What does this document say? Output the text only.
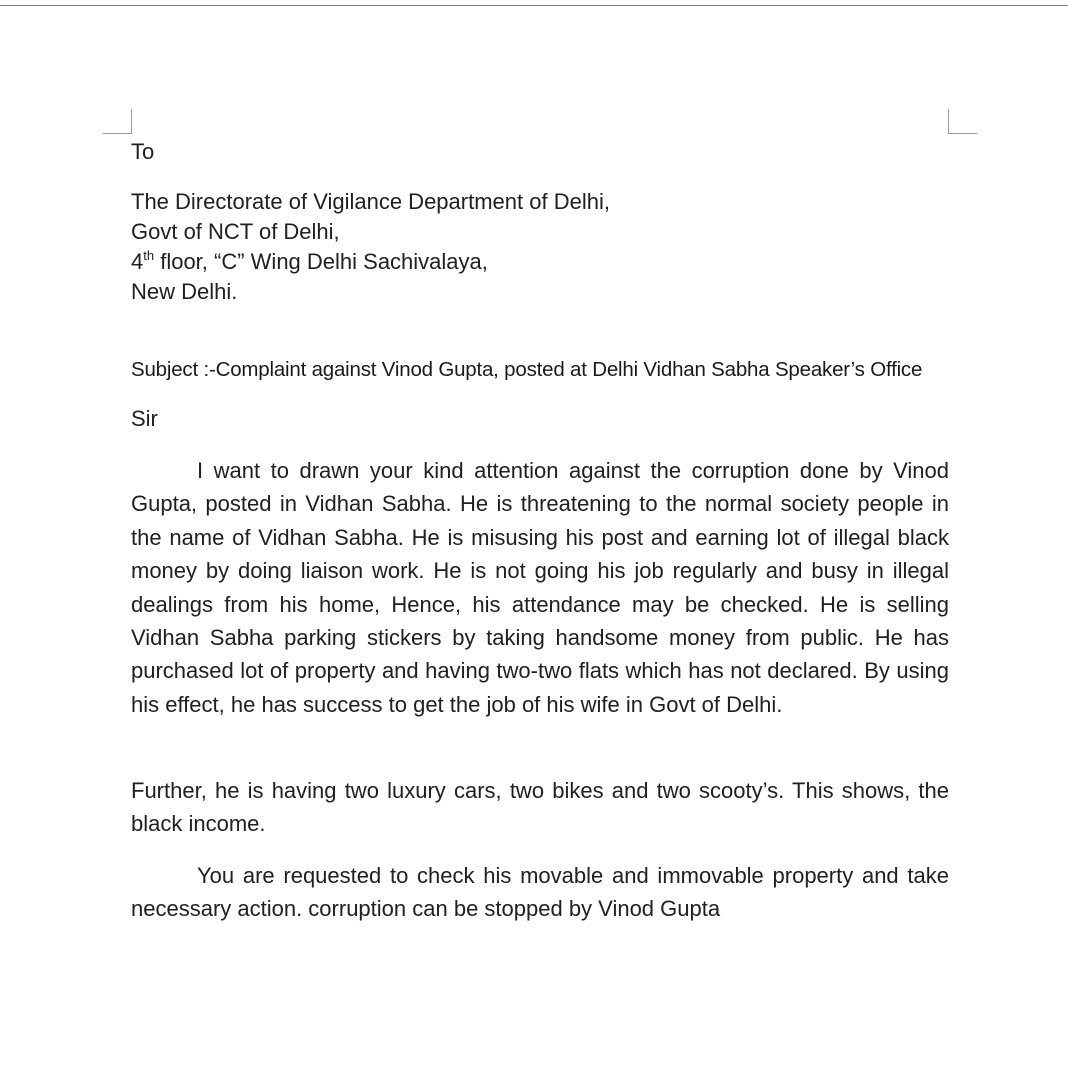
To

The Directorate of Vigilance Department of Delhi,
Govt of NCT of Delhi,
4th floor, “C” Wing Delhi Sachivalaya,
New Delhi.

Subject :-Complaint against Vinod Gupta, posted at Delhi Vidhan Sabha Speaker’s Office

Sir

I want to drawn your kind attention against the corruption done by Vinod Gupta, posted in Vidhan Sabha. He is threatening to the normal society people in the name of Vidhan Sabha. He is misusing his post and earning lot of illegal black money by doing liaison work. He is not going his job regularly and busy in illegal dealings from his home, Hence, his attendance may be checked. He is selling Vidhan Sabha parking stickers by taking handsome money from public. He has purchased lot of property and having two-two flats which has not declared. By using his effect, he has success to get the job of his wife in Govt of Delhi.

Further, he is having two luxury cars, two bikes and two scooty’s. This shows, the black income.

You are requested to check his movable and immovable property and take necessary action. corruption can be stopped by Vinod Gupta
